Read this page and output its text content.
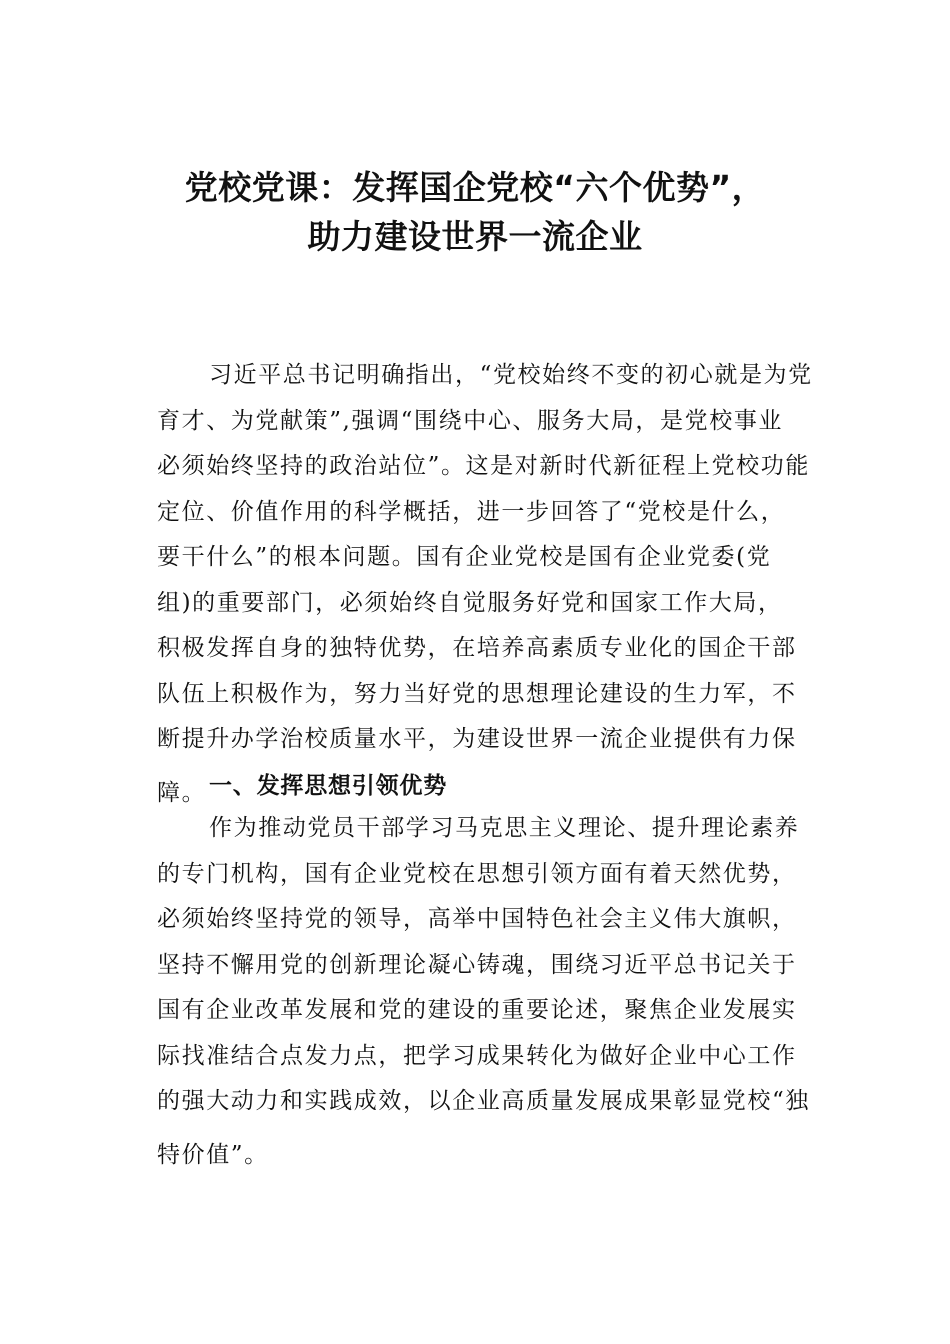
党校党课：发挥国企党校“六个优势”，
助力建设世界一流企业
习近平总书记明确指出，“党校始终不变的初心就是为党
育才、为党献策”,强调“围绕中心、服务大局，是党校事业
必须始终坚持的政治站位”。这是对新时代新征程上党校功能
定位、价值作用的科学概括，进一步回答了“党校是什么，
要干什么”的根本问题。国有企业党校是国有企业党委(党
组)的重要部门，必须始终自觉服务好党和国家工作大局，
积极发挥自身的独特优势，在培养高素质专业化的国企干部
队伍上积极作为，努力当好党的思想理论建设的生力军，不
断提升办学治校质量水平，为建设世界一流企业提供有力保
障。 一、发挥思想引领优势
作为推动党员干部学习马克思主义理论、提升理论素养
的专门机构，国有企业党校在思想引领方面有着天然优势，
必须始终坚持党的领导，高举中国特色社会主义伟大旗帜，
坚持不懈用党的创新理论凝心铸魂，围绕习近平总书记关于
国有企业改革发展和党的建设的重要论述，聚焦企业发展实
际找准结合点发力点，把学习成果转化为做好企业中心工作
的强大动力和实践成效，以企业高质量发展成果彰显党校“独
特价值”。
